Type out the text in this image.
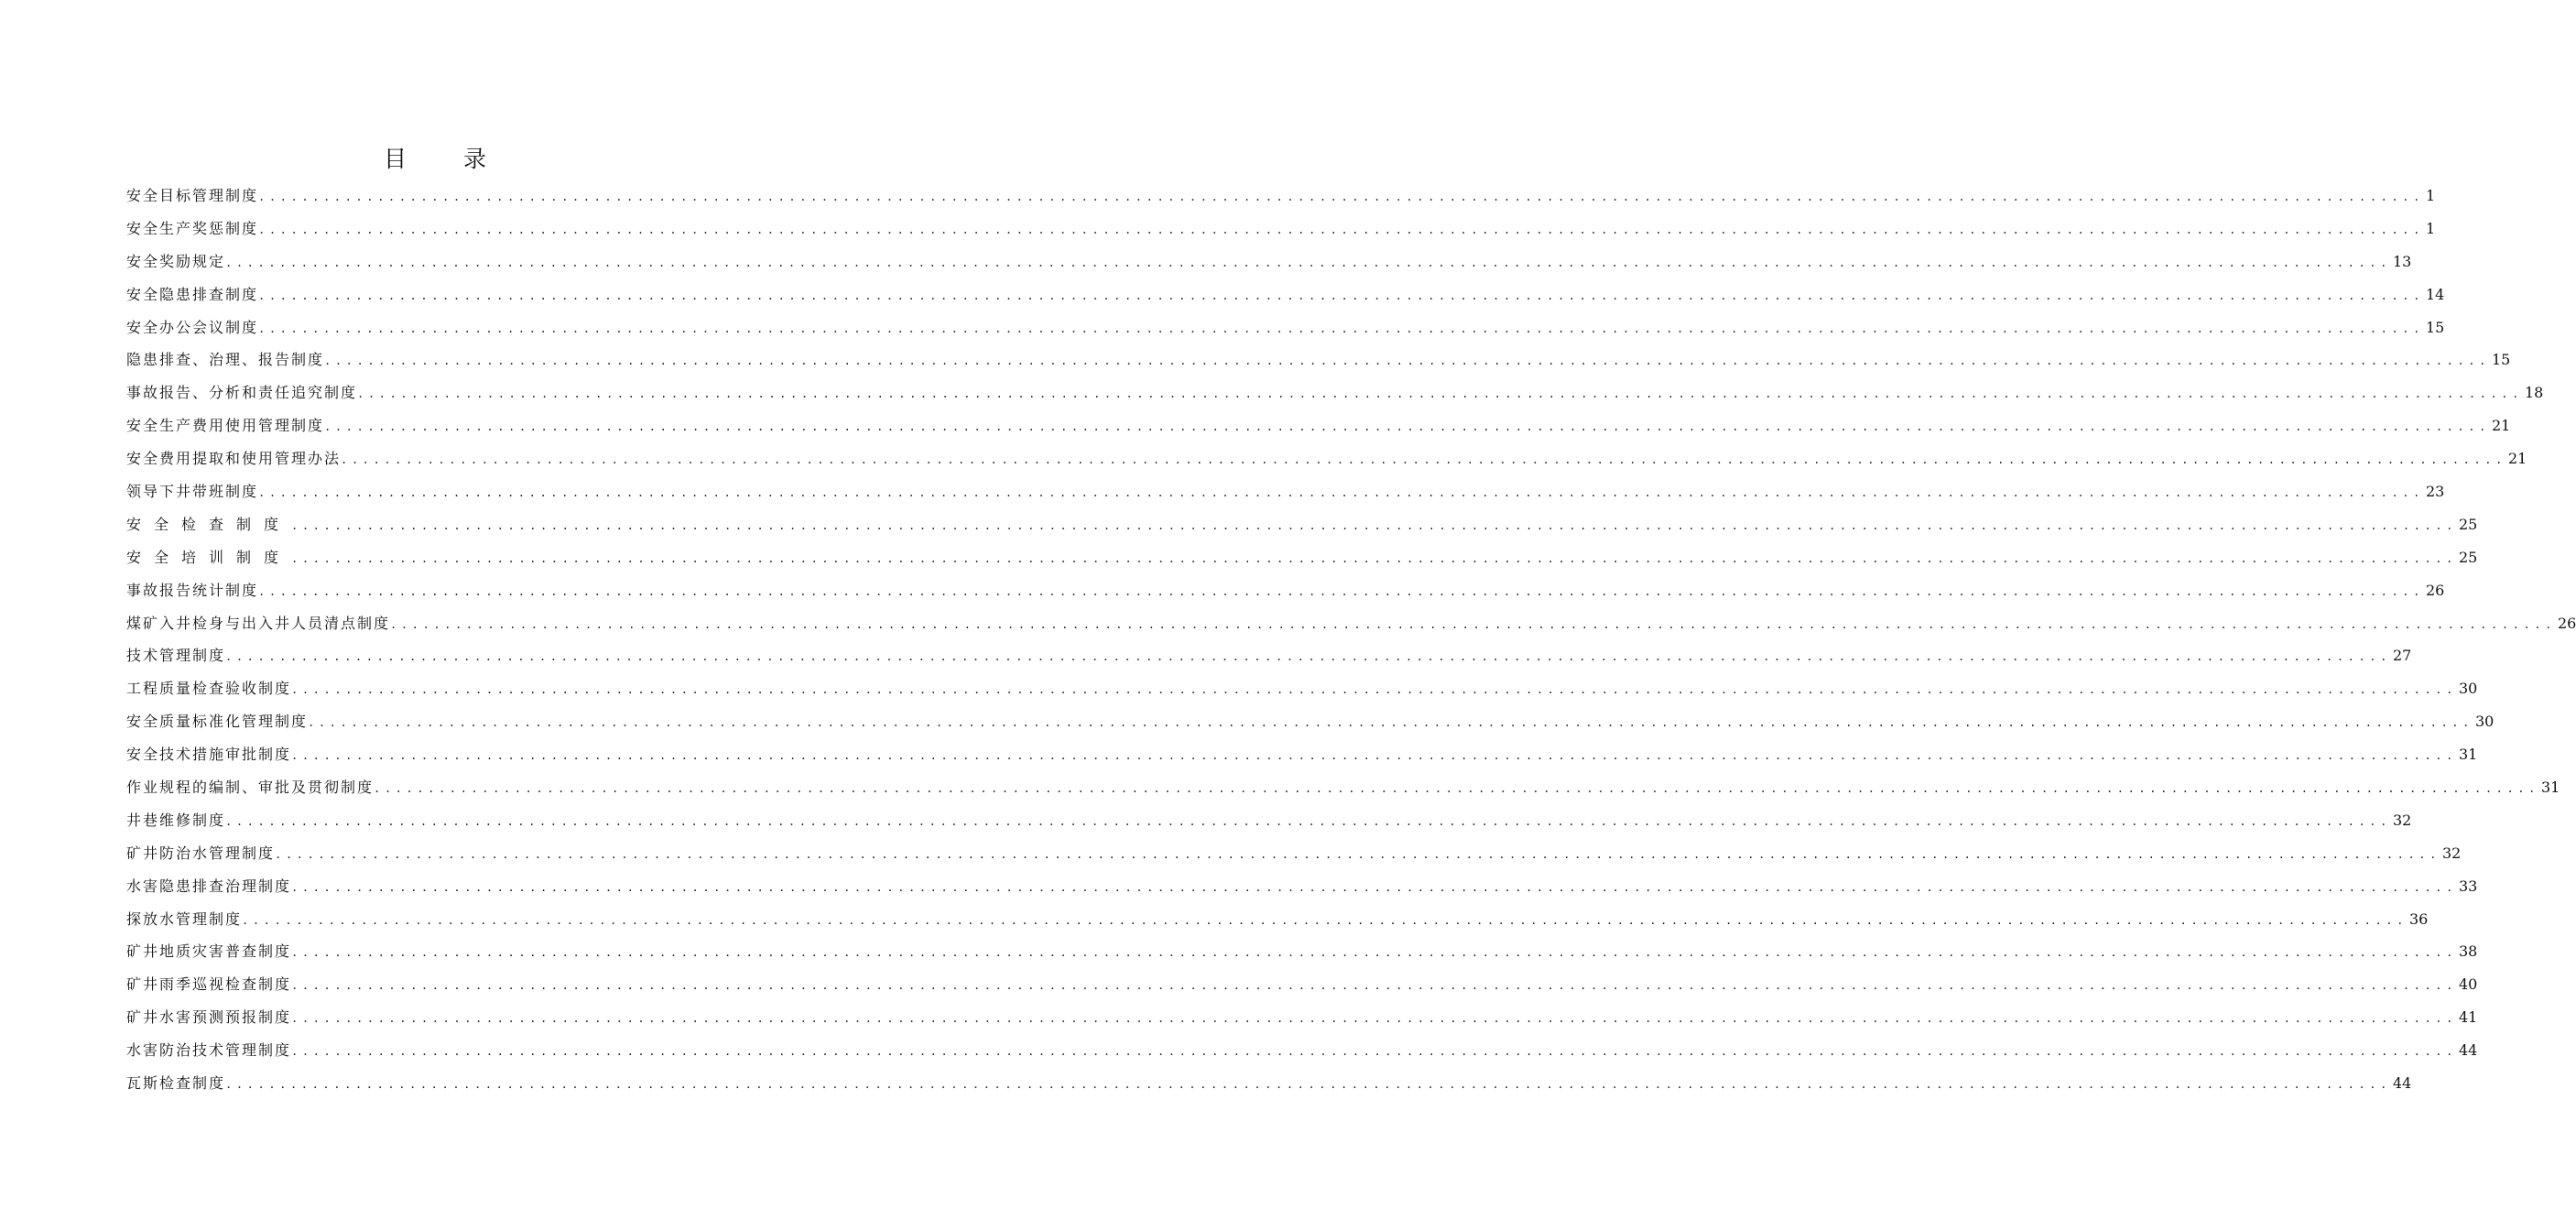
目录
安全目标管理制度 ........................................................................................................................................................................................................ 1
安全生产奖惩制度 ........................................................................................................................................................................................................ 1
安全奖励规定 ........................................................................................................................................................................................................ 13
安全隐患排查制度 ........................................................................................................................................................................................................ 14
安全办公会议制度 ........................................................................................................................................................................................................ 15
隐患排查、治理、报告制度 ........................................................................................................................................................................................................ 15
事故报告、分析和责任追究制度 ........................................................................................................................................................................................................ 18
安全生产费用使用管理制度 ........................................................................................................................................................................................................ 21
安全费用提取和使用管理办法 ........................................................................................................................................................................................................ 21
领导下井带班制度 ........................................................................................................................................................................................................ 23
安全检查制度 ........................................................................................................................................................................................................ 25
安全培训制度 ........................................................................................................................................................................................................ 25
事故报告统计制度 ........................................................................................................................................................................................................ 26
煤矿入井检身与出入井人员清点制度 ........................................................................................................................................................................................................ 26
技术管理制度 ........................................................................................................................................................................................................ 27
工程质量检查验收制度 ........................................................................................................................................................................................................ 30
安全质量标准化管理制度 ........................................................................................................................................................................................................ 30
安全技术措施审批制度 ........................................................................................................................................................................................................ 31
作业规程的编制、审批及贯彻制度 ........................................................................................................................................................................................................ 31
井巷维修制度 ........................................................................................................................................................................................................ 32
矿井防治水管理制度 ........................................................................................................................................................................................................ 32
水害隐患排查治理制度 ........................................................................................................................................................................................................ 33
探放水管理制度 ........................................................................................................................................................................................................ 36
矿井地质灾害普查制度 ........................................................................................................................................................................................................ 38
矿井雨季巡视检查制度 ........................................................................................................................................................................................................ 40
矿井水害预测预报制度 ........................................................................................................................................................................................................ 41
水害防治技术管理制度 ........................................................................................................................................................................................................ 44
瓦斯检查制度 ........................................................................................................................................................................................................ 44
